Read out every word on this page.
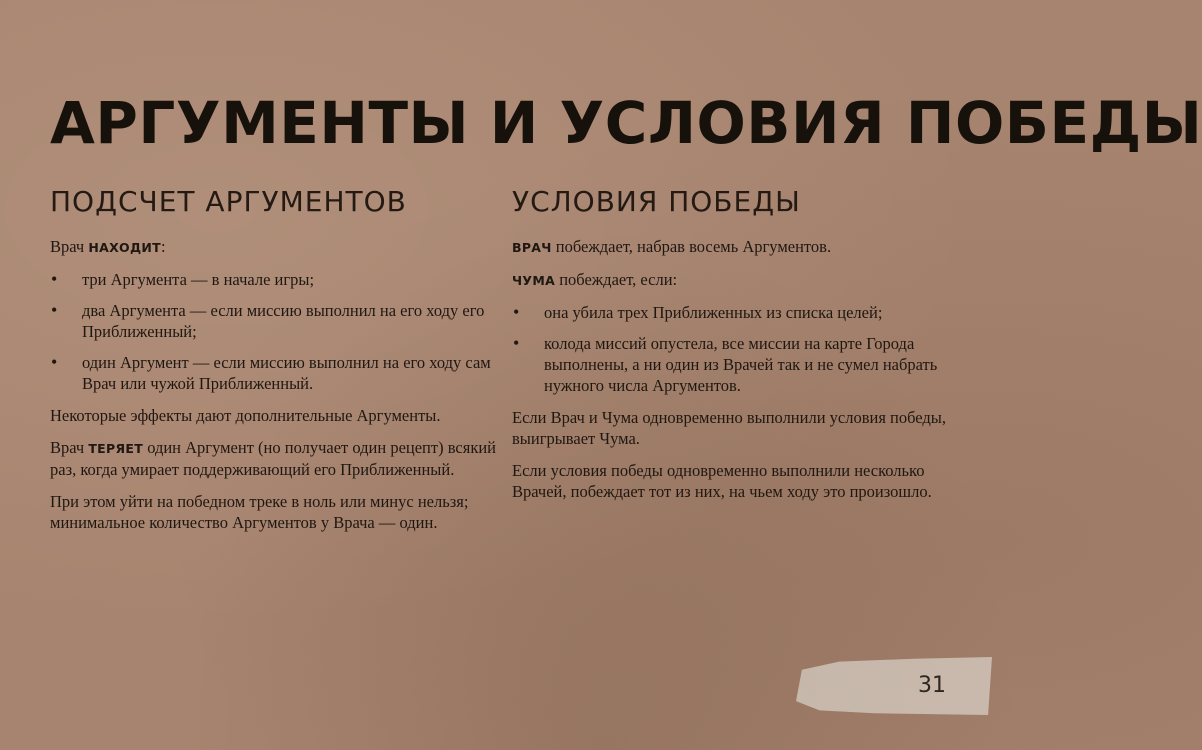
АРГУМЕНТЫ И УСЛОВИЯ ПОБЕДЫ
ПОДСЧЕТ АРГУМЕНТОВ

Врач НАХОДИТ:

• три Аргумента — в начале игры;
• два Аргумента — если миссию выполнил на его ходу его Приближенный;
• один Аргумент — если миссию выполнил на его ходу сам Врач или чужой Приближенный.

Некоторые эффекты дают дополнительные Аргументы.

Врач ТЕРЯЕТ один Аргумент (но получает один рецепт) всякий раз, когда умирает поддерживающий его Приближенный.

При этом уйти на победном треке в ноль или минус нельзя; минимальное количество Аргументов у Врача — один.

УСЛОВИЯ ПОБЕДЫ

ВРАЧ побеждает, набрав восемь Аргументов.

ЧУМА побеждает, если:

• она убила трех Приближенных из списка целей;
• колода миссий опустела, все миссии на карте Города выполнены, а ни один из Врачей так и не сумел набрать нужного числа Аргументов.

Если Врач и Чума одновременно выполнили условия победы, выигрывает Чума.

Если условия победы одновременно выполнили несколько Врачей, побеждает тот из них, на чьем ходу это произошло.

31
